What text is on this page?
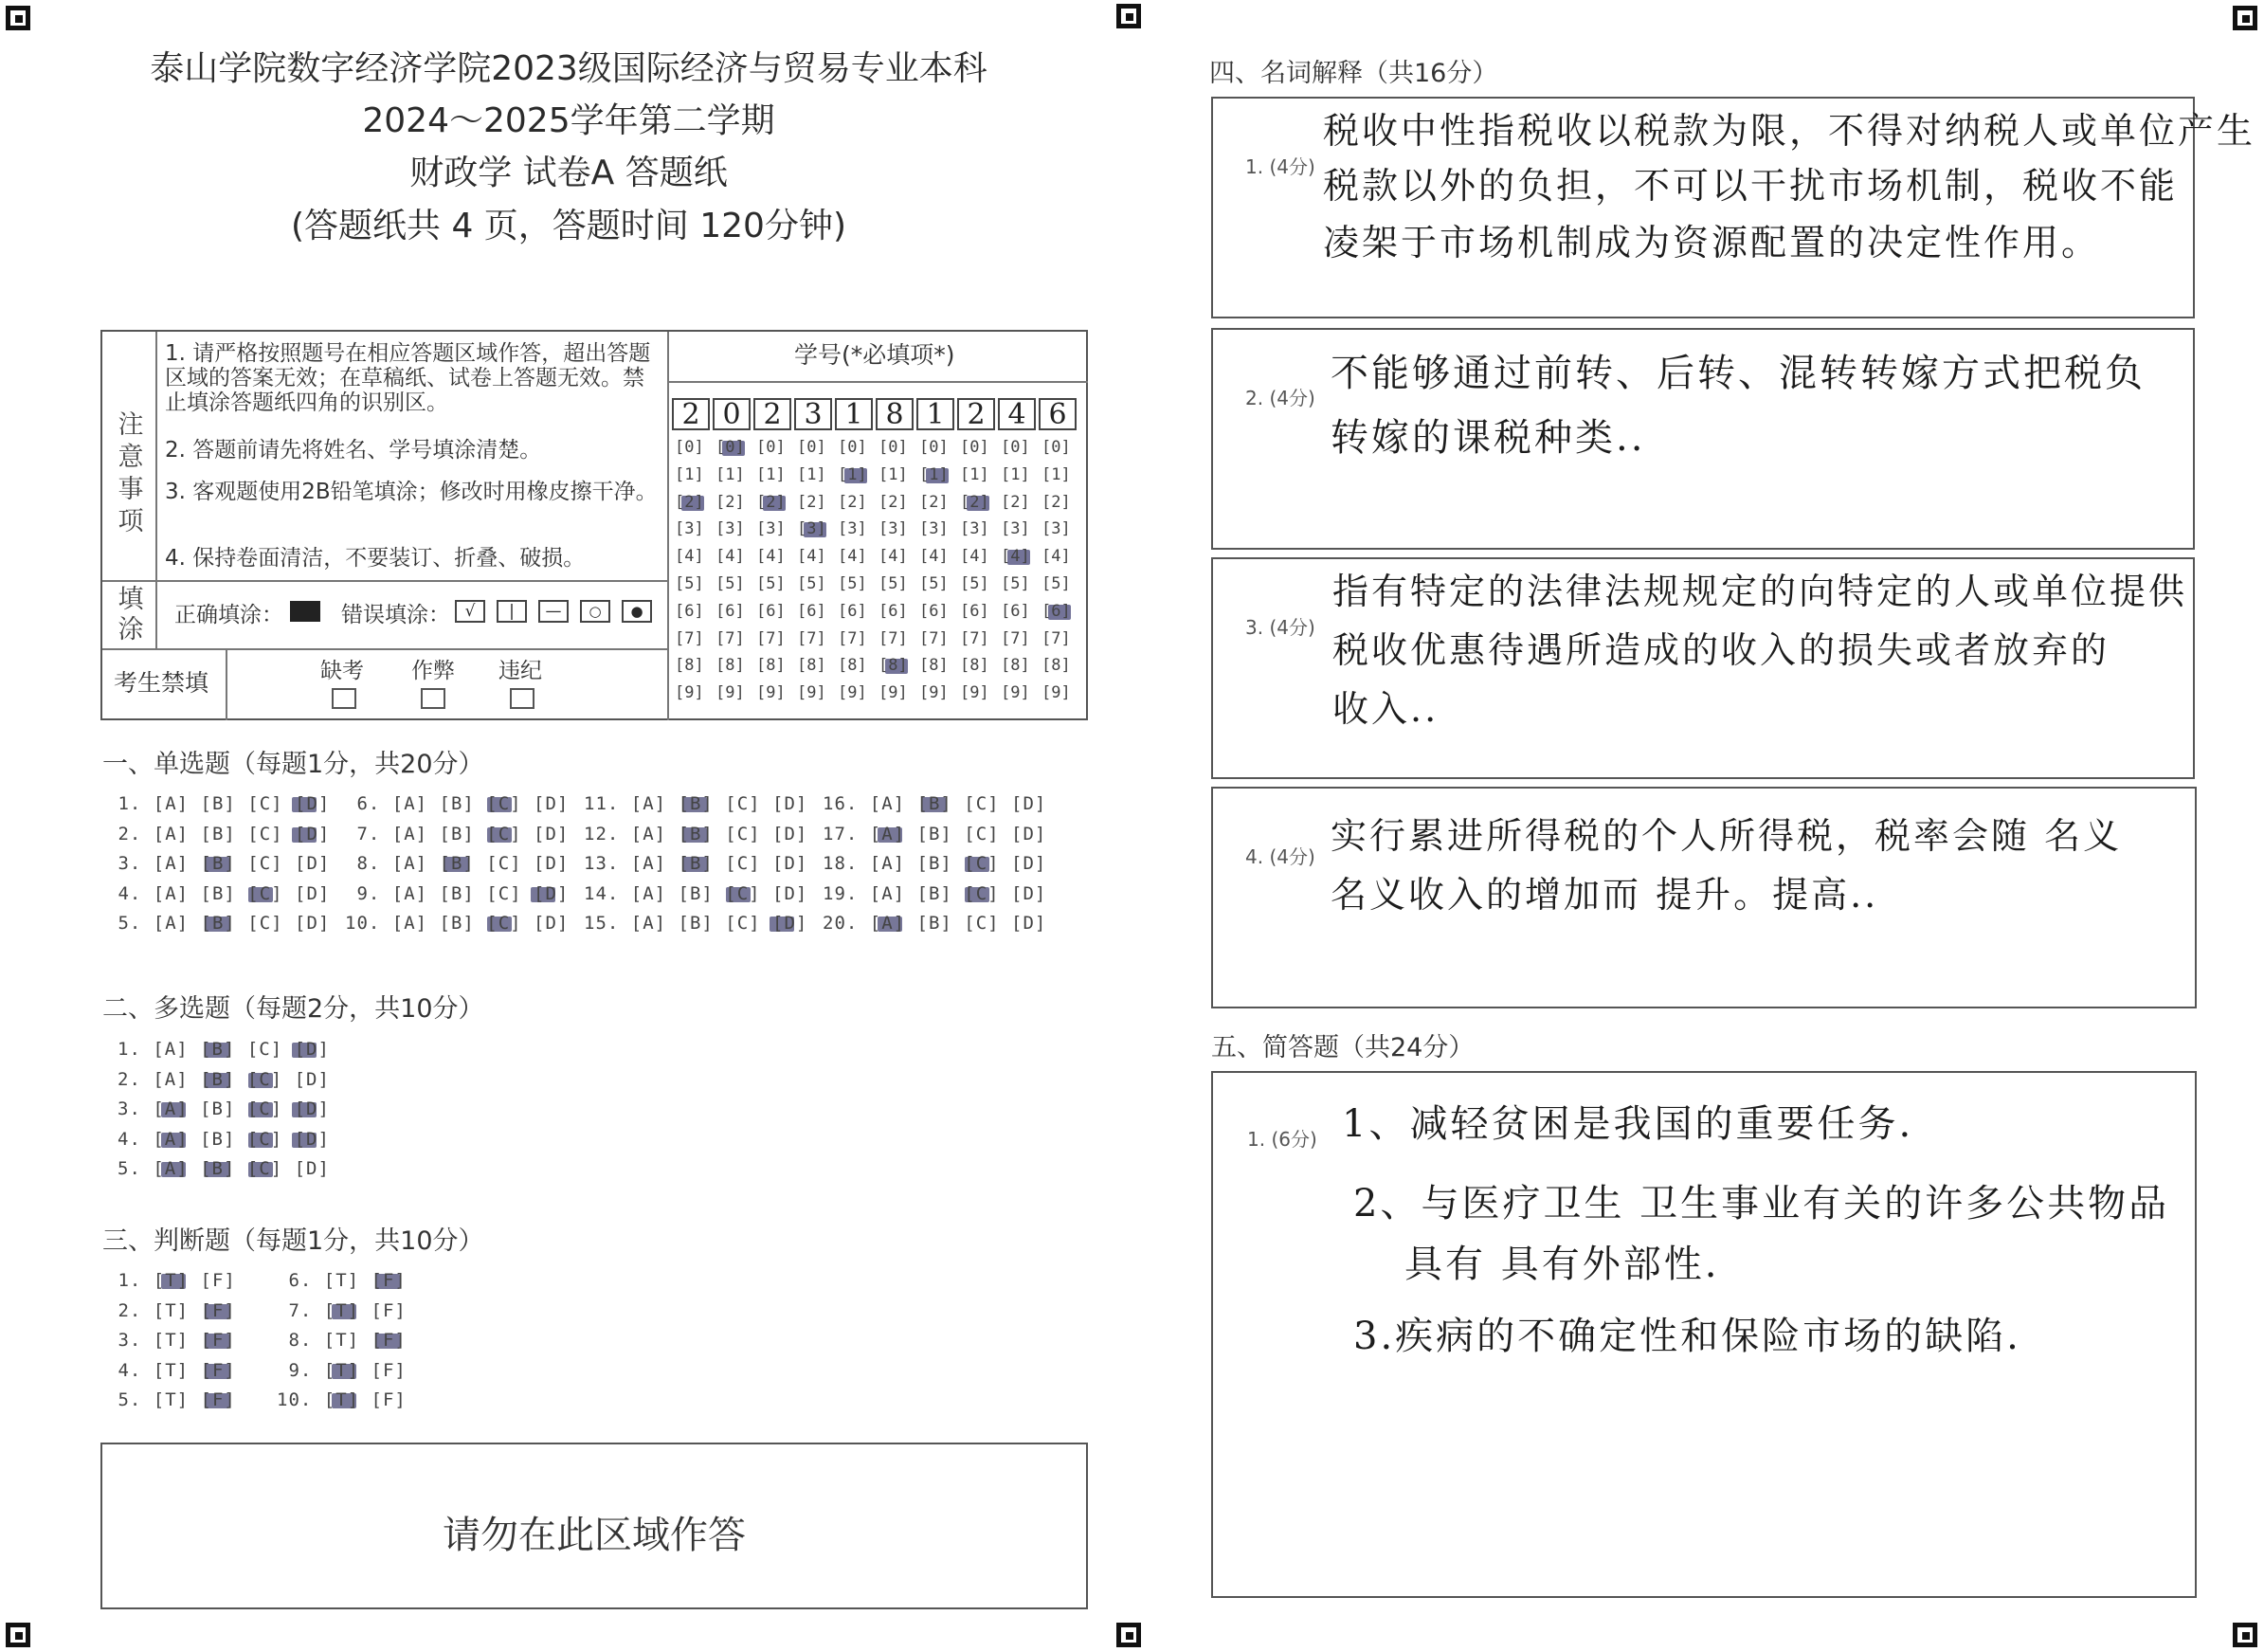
泰山学院数字经济学院2023级国际经济与贸易专业本科
2024～2025学年第二学期
财政学 试卷A 答题纸
(答题纸共 4 页，答题时间 120分钟)
注
意
事
项
1. 请严格按照题号在相应答题区域作答，超出答题区域的答案无效；在草稿纸、试卷上答题无效。禁止填涂答题纸四角的识别区。
2. 答题前请先将姓名、学号填涂清楚。
3. 客观题使用2B铅笔填涂；修改时用橡皮擦干净。
4. 保持卷面清洁，不要装订、折叠、破损。
填
涂 正确填涂：	错误填涂： √	|	—	○	●
考生禁填	缺考 作弊 违纪
学号(*必填项*)
2 0 2 3 1 8 1 2 4 6
[0] [0] [0] [0] [0] [0] [0] [0] [0] [0]
[1] [1] [1] [1] [1] [1] [1] [1] [1] [1]
[2] [2] [2] [2] [2] [2] [2] [2] [2] [2]
[3] [3] [3] [3] [3] [3] [3] [3] [3] [3]
[4] [4] [4] [4] [4] [4] [4] [4] [4] [4]
[5] [5] [5] [5] [5] [5] [5] [5] [5] [5]
[6] [6] [6] [6] [6] [6] [6] [6] [6] [6]
[7] [7] [7] [7] [7] [7] [7] [7] [7] [7]
[8] [8] [8] [8] [8] [8] [8] [8] [8] [8]
[9] [9] [9] [9] [9] [9] [9] [9] [9] [9]
一、单选题（每题1分，共20分）
1. [A] [B] [C] [D]
2. [A] [B] [C] [D]
3. [A] [B] [C] [D]
4. [A] [B] [C] [D]
5. [A] [B] [C] [D]
6. [A] [B] [C] [D]
7. [A] [B] [C] [D]
8. [A] [B] [C] [D]
9. [A] [B] [C] [D]
10. [A] [B] [C] [D]
11. [A] [B] [C] [D]
12. [A] [B] [C] [D]
13. [A] [B] [C] [D]
14. [A] [B] [C] [D]
15. [A] [B] [C] [D]
16. [A] [B] [C] [D]
17. [A] [B] [C] [D]
18. [A] [B] [C] [D]
19. [A] [B] [C] [D]
20. [A] [B] [C] [D]
二、多选题（每题2分，共10分）
1. [A] [B] [C] [D]
2. [A] [B] [C] [D]
3. [A] [B] [C] [D]
4. [A] [B] [C] [D]
5. [A] [B] [C] [D]
三、判断题（每题1分，共10分）
1. [T] [F]
2. [T] [F]
3. [T] [F]
4. [T] [F]
5. [T] [F]
6. [T] [F]
7. [T] [F]
8. [T] [F]
9. [T] [F]
10. [T] [F]
请勿在此区域作答
四、名词解释（共16分）
1. (4分)
税收中性指税收以税款为限，不得对纳税人或单位产生
税款以外的负担，不可以干扰市场机制，税收不能
凌架于市场机制成为资源配置的决定性作用。
2. (4分)
不能够通过前转、后转、混转转嫁方式把税负
转嫁的课税种类..
3. (4分)
指有特定的法律法规规定的向特定的人或单位提供
税收优惠待遇所造成的收入的损失或者放弃的
收入..
4. (4分) 实行累进所得税的个人所得税，税率会随 名义
名义收入的增加而 提升。提高..
五、简答题（共24分）
1. (6分) 1、减轻贫困是我国的重要任务.
2、与医疗卫生 卫生事业有关的许多公共物品
具有 具有外部性.
3.疾病的不确定性和保险市场的缺陷.
